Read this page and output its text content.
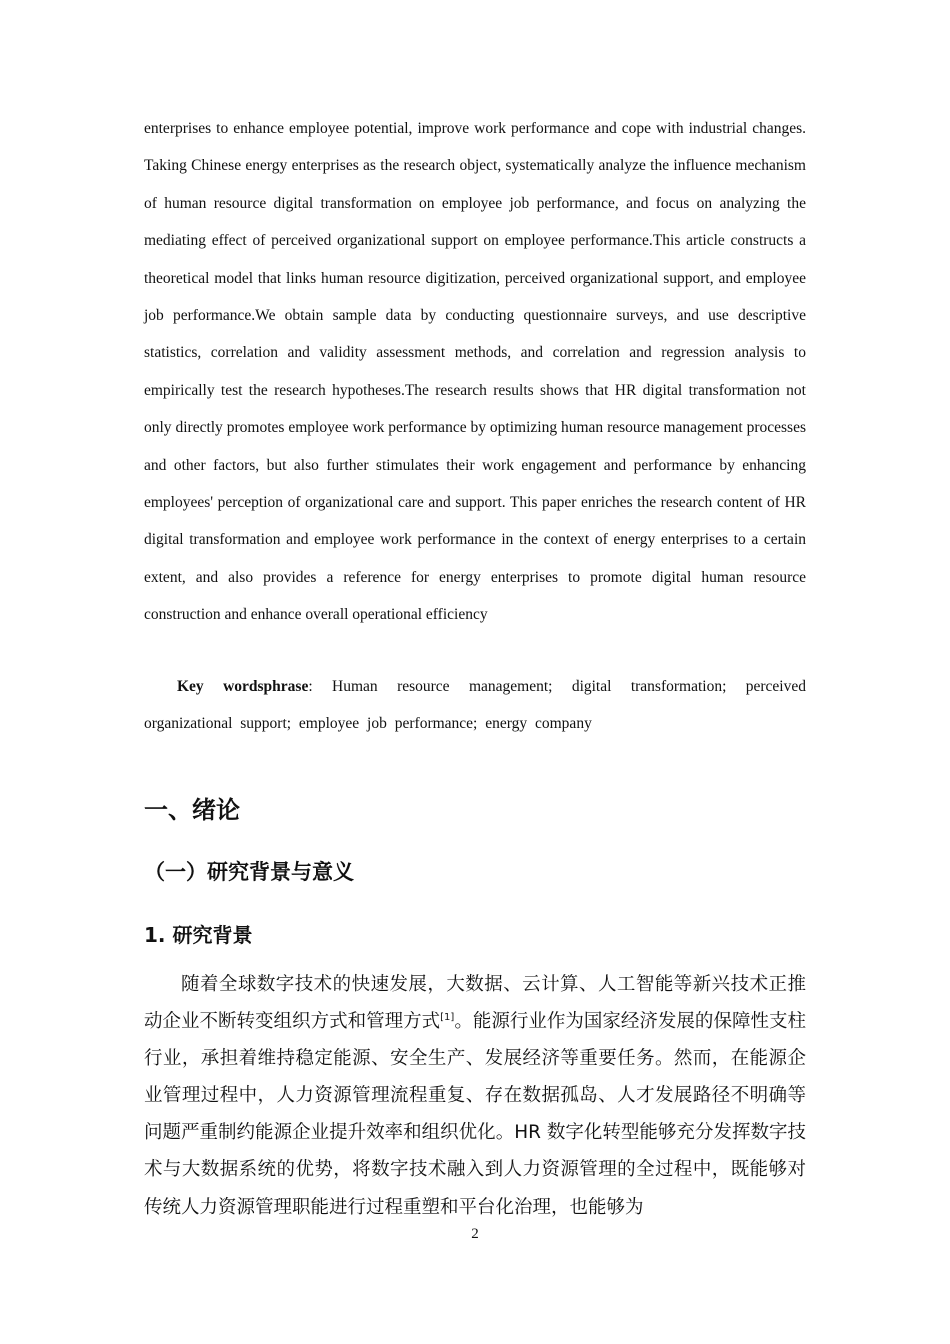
enterprises to enhance employee potential, improve work performance and cope with industrial changes. Taking Chinese energy enterprises as the research object, systematically analyze the influence mechanism of human resource digital transformation on employee job performance, and focus on analyzing the mediating effect of perceived organizational support on employee performance.This article constructs a theoretical model that links human resource digitization, perceived organizational support, and employee job performance.We obtain sample data by conducting questionnaire surveys, and use descriptive statistics, correlation and validity assessment methods, and correlation and regression analysis to empirically test the research hypotheses.The research results shows that HR digital transformation not only directly promotes employee work performance by optimizing human resource management processes and other factors, but also further stimulates their work engagement and performance by enhancing employees' perception of organizational care and support. This paper enriches the research content of HR digital transformation and employee work performance in the context of energy enterprises to a certain extent, and also provides a reference for energy enterprises to promote digital human resource construction and enhance overall operational efficiency

Key wordsphrase: Human resource management; digital transformation; perceived organizational support; employee job performance; energy company
一、绪论
（一）研究背景与意义
1. 研究背景
随着全球数字技术的快速发展，大数据、云计算、人工智能等新兴技术正推动企业不断转变组织方式和管理方式[1]。能源行业作为国家经济发展的保障性支柱行业，承担着维持稳定能源、安全生产、发展经济等重要任务。然而，在能源企业管理过程中，人力资源管理流程重复、存在数据孤岛、人才发展路径不明确等问题严重制约能源企业提升效率和组织优化。HR 数字化转型能够充分发挥数字技术与大数据系统的优势，将数字技术融入到人力资源管理的全过程中，既能够对传统人力资源管理职能进行过程重塑和平台化治理，也能够为
2
